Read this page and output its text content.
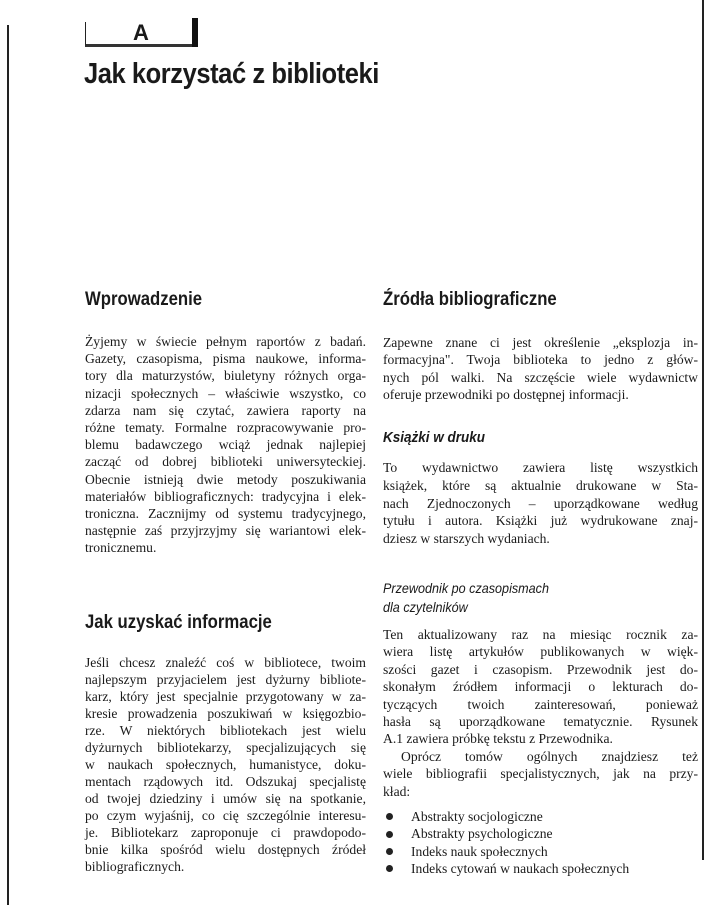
A
Jak korzystać z biblioteki
Wprowadzenie
Żyjemy w świecie pełnym raportów z badań.
Gazety, czasopisma, pisma naukowe, informa-
tory dla maturzystów, biuletyny różnych orga-
nizacji społecznych – właściwie wszystko, co
zdarza nam się czytać, zawiera raporty na
różne tematy. Formalne rozpracowywanie pro-
blemu badawczego wciąż jednak najlepiej
zacząć od dobrej biblioteki uniwersyteckiej.
Obecnie istnieją dwie metody poszukiwania
materiałów bibliograficznych: tradycyjna i elek-
troniczna. Zacznijmy od systemu tradycyjnego,
następnie zaś przyjrzyjmy się wariantowi elek-
tronicznemu.
Jak uzyskać informacje
Jeśli chcesz znaleźć coś w bibliotece, twoim
najlepszym przyjacielem jest dyżurny bibliote-
karz, który jest specjalnie przygotowany w za-
kresie prowadzenia poszukiwań w księgozbio-
rze. W niektórych bibliotekach jest wielu
dyżurnych bibliotekarzy, specjalizujących się
w naukach społecznych, humanistyce, doku-
mentach rządowych itd. Odszukaj specjalistę
od twojej dziedziny i umów się na spotkanie,
po czym wyjaśnij, co cię szczególnie interesu-
je. Bibliotekarz zaproponuje ci prawdopodo-
bnie kilka spośród wielu dostępnych źródeł
bibliograficznych.
Źródła bibliograficzne
Zapewne znane ci jest określenie „eksplozja in-
formacyjna". Twoja biblioteka to jedno z głów-
nych pól walki. Na szczęście wiele wydawnictw
oferuje przewodniki po dostępnej informacji.
Książki w druku
To wydawnictwo zawiera listę wszystkich
książek, które są aktualnie drukowane w Sta-
nach Zjednoczonych – uporządkowane według
tytułu i autora. Książki już wydrukowane znaj-
dziesz w starszych wydaniach.
Przewodnik po czasopismach
dla czytelników
Ten aktualizowany raz na miesiąc rocznik za-
wiera listę artykułów publikowanych w więk-
szości gazet i czasopism. Przewodnik jest do-
skonałym źródłem informacji o lekturach do-
tyczących twoich zainteresowań, ponieważ
hasła są uporządkowane tematycznie. Rysunek
A.1 zawiera próbkę tekstu z Przewodnika.
Oprócz tomów ogólnych znajdziesz też
wiele bibliografii specjalistycznych, jak na przy-
kład:
Abstrakty socjologiczne
Abstrakty psychologiczne
Indeks nauk społecznych
Indeks cytowań w naukach społecznych
